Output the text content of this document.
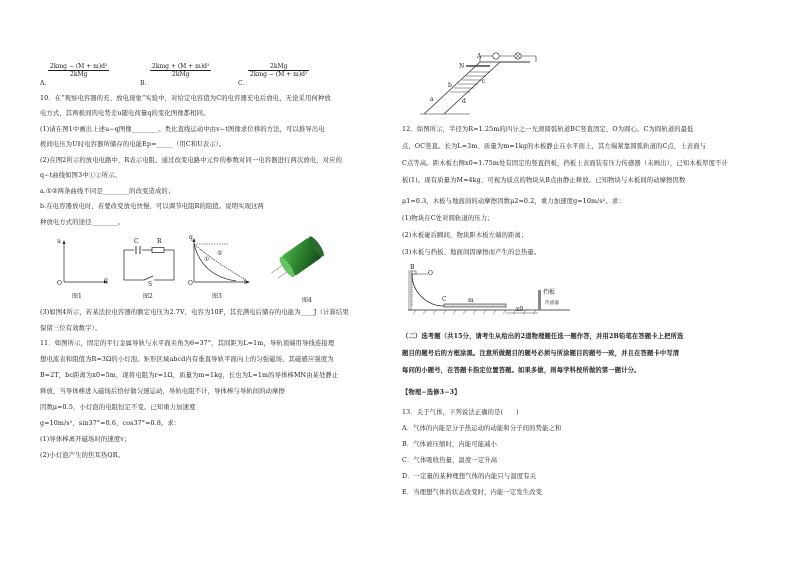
2kmg − (M + m)d²
2kMg
A.
2kmg + (M + m)d²
2kMg
B.
2kMg
2kmg − (M + m)d²
C.
10．在“观察电容器的充、放电现象”实验中，对给定电容值为C的电容器充电后放电，无论采用何种放
电方式，其两极间的电势差u随电荷量q的变化图像都相同。
(1)请在图1中画出上述u−q图像________。类比直线运动中由v−t图像求位移的方法，可以推导出电
极间电压为U时电容器所储存的电能Ep=_____（用C和U表示）。
(2)在图2所示的放电电路中，R表示电阻。通过改变电路中元件的参数对同一电容器进行两次放电，对应的
q−t曲线如图3中①②所示。
a.①②两条曲线不同是________的改变造成的；
b.在电容器放电时，若要改变放电快慢，可以调节电阻R的阻值。说明实现这两
种放电方式的途径________。
u
O	q
图1
C	R
S
图2
q
O	t
①
②
图3
图4
(3)如图4所示，若某法拉电容器的额定电压为2.7V，电容为10F，其充满电后储存的电能为____J（计算结果
保留三位有效数字）。
11．如图所示，固定的平行金属导轨与水平面夹角为θ=37°，其间距为L=1m，导轨顶端用导线连接理
想电流表和阻值为R=3Ω的小灯泡。矩形区域abcd内有垂直导轨平面向上的匀强磁场，其磁感应强度为
B=2T，bc距离为x0=5m，现将电阻为r=1Ω，质量为m=1kg，长也为L=1m的导体棒MN由某处静止
释放，当导体棒进入磁场后恰好做匀速运动，导轨电阻不计，导体棒与导轨间的动摩擦
因数μ=0.5，小灯泡的电阻恒定不变。已知重力加速度
g=10m/s²，sin37°=0.6，cos37°=0.8。求：
(1)导体棒离开磁场时的速度v；
(2)小灯泡产生的焦耳热QR。
A
N
b
a
c
d
12．如图所示，半径为R=1.25m的四分之一光滑圆弧轨道BC竖直固定，O为圆心。C为圆轨道的最低
点，OC竖直。长为L=3m、质量为m=1kg的木板静止在水平面上，其左端紧靠圆弧轨道的C点，上表面与
C点等高。距木板右侧x0=1.75m处有固定的竖直挡板，挡板上表面装有压力传感器（未画出），已知木板厚度不计
板(1)。现有质量为M=4kg、可视为质点的物块从B点由静止释放。已知物块与木板间的动摩擦因数
μ1=0.3，木板与地面间的动摩擦因数μ2=0.2，重力加速度g=10m/s²。求：
(1)物块在C处对圆轨道的压力；
(2)木板碰后瞬间，物块距木板左端的距离；
(3)木板与挡板、地面间因摩擦而产生的总热量。
B
O
C	m
挡板
传感器
x0
（二）选考题（共15分，请考生从给出的2道物理题任选一题作答，并用2B铅笔在答题卡上把所选
题目的题号后的方框涂黑。注意所做题目的题号必须与所涂题目的题号一致，并且在答题卡中写清
每问的小题号，在答题卡指定位置答题。如果多做，则每学科按所做的第一题计分。
【物理−选修3−3】
13．关于气体，下列说法正确的是(　　)
A．气体的内能是分子热运动的动能和分子间的势能之和
B．气体被压缩时，内能可能减小
C．气体吸收热量，温度一定升高
D．一定量的某种理想气体的内能只与温度有关
E．当理想气体的状态改变时，内能一定发生改变
